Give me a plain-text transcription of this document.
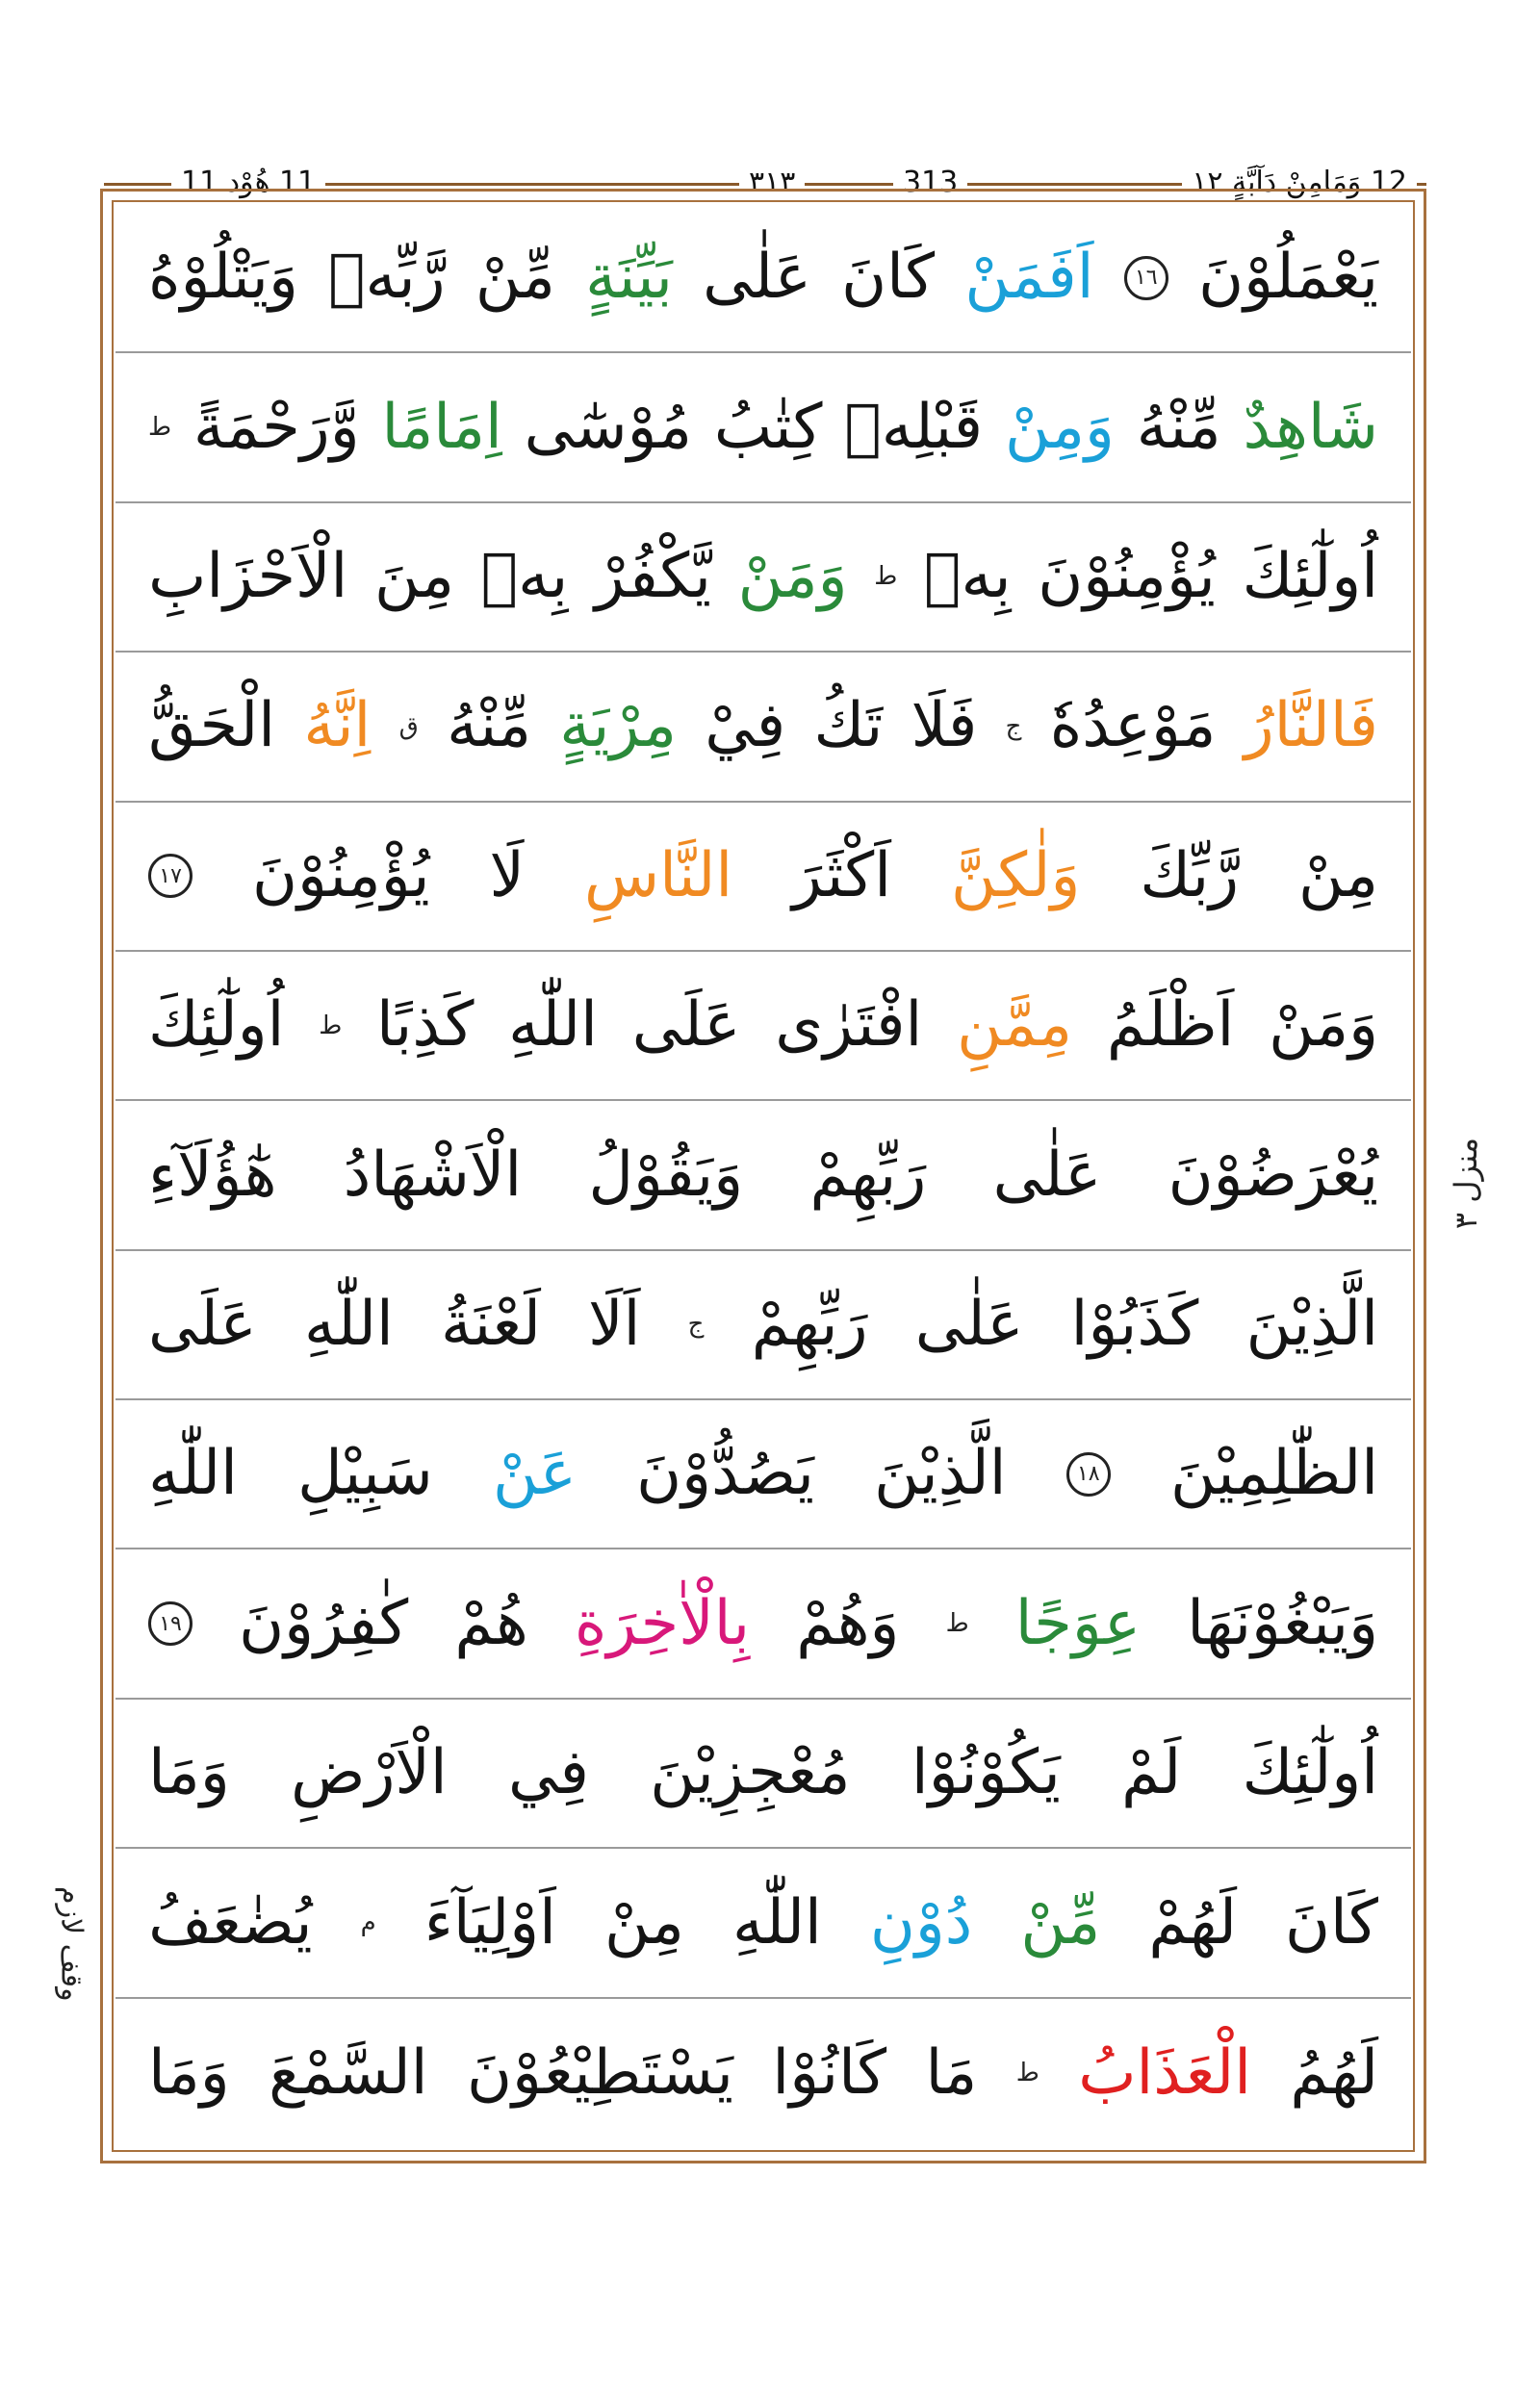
11 هُوْد 11	۳۱۳	313	12 وَمَامِنْ دَآبَّةٍ ۱۲
يَعْمَلُوْنَ
۱٦
اَفَمَنْ
كَانَ
عَلٰى
بَيِّنَةٍ
مِّنْ
رَّبِّهٖ
وَيَتْلُوْهُ
شَاهِدٌ
مِّنْهُ
وَمِنْ
قَبْلِهٖ
كِتٰبُ
مُوْسٰٓى
اِمَامًا
وَّرَحْمَةً
ط
اُولٰٓئِكَ
يُؤْمِنُوْنَ
بِهٖ
ط
وَمَنْ
يَّكْفُرْ
بِهٖ
مِنَ
الْاَحْزَابِ
فَالنَّارُ
مَوْعِدُهٗ
ج
فَلَا
تَكُ
فِيْ
مِرْيَةٍ
مِّنْهُ
ق
اِنَّهُ
الْحَقُّ
مِنْ
رَّبِّكَ
وَلٰكِنَّ
اَكْثَرَ
النَّاسِ
لَا
يُؤْمِنُوْنَ
۱۷
وَمَنْ
اَظْلَمُ
مِمَّنِ
افْتَرٰى
عَلَى
اللّٰهِ
كَذِبًا
ط
اُولٰٓئِكَ
يُعْرَضُوْنَ
عَلٰى
رَبِّهِمْ
وَيَقُوْلُ
الْاَشْهَادُ
هٰٓؤُلَآءِ
الَّذِيْنَ
كَذَبُوْا
عَلٰى
رَبِّهِمْ
ج
اَلَا
لَعْنَةُ
اللّٰهِ
عَلَى
الظّٰلِمِيْنَ
۱۸
الَّذِيْنَ
يَصُدُّوْنَ
عَنْ
سَبِيْلِ
اللّٰهِ
وَيَبْغُوْنَهَا
عِوَجًا
ط
وَهُمْ
بِالْاٰخِرَةِ
هُمْ
كٰفِرُوْنَ
۱۹
اُولٰٓئِكَ
لَمْ
يَكُوْنُوْا
مُعْجِزِيْنَ
فِي
الْاَرْضِ
وَمَا
كَانَ
لَهُمْ
مِّنْ
دُوْنِ
اللّٰهِ
مِنْ
اَوْلِيَآءَ
م
يُضٰعَفُ
لَهُمُ
الْعَذَابُ
ط
مَا
كَانُوْا
يَسْتَطِيْعُوْنَ
السَّمْعَ
وَمَا
منزل ۳
وقف لازم
